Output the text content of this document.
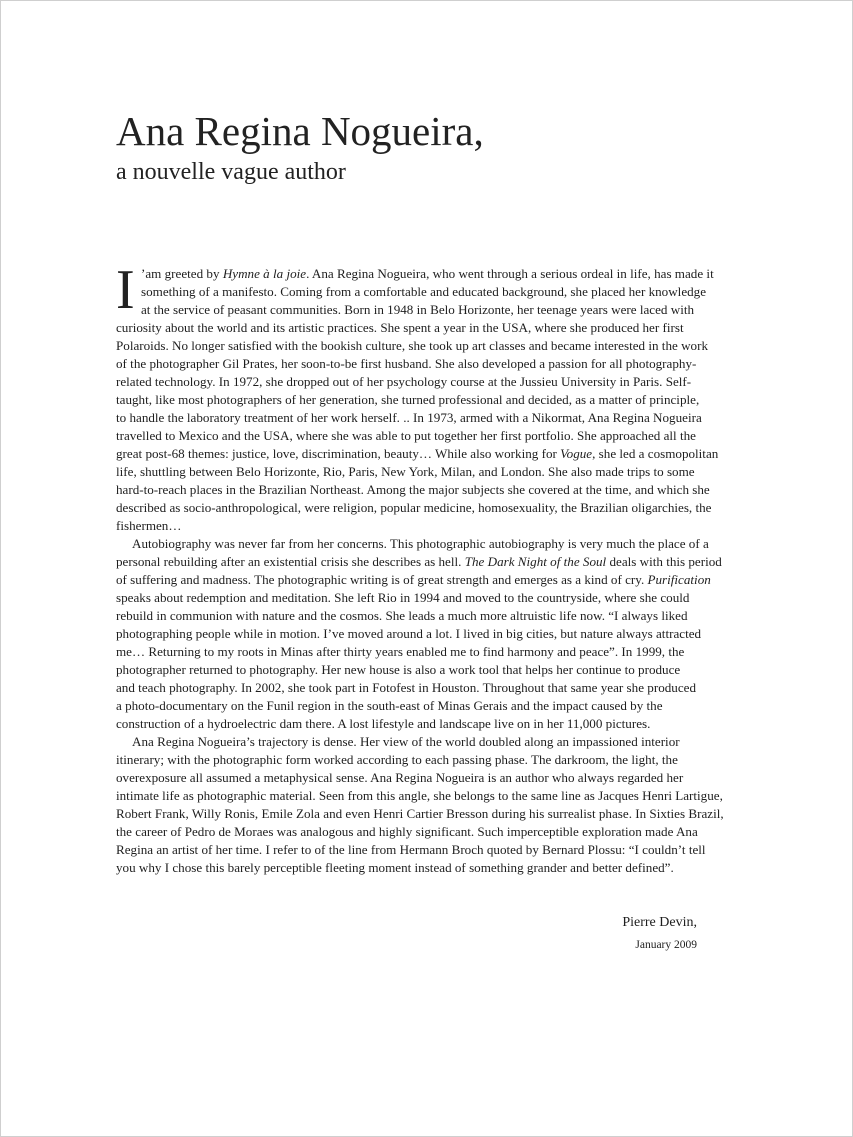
Ana Regina Nogueira,
a nouvelle vague author
I ’am greeted by Hymne à la joie. Ana Regina Nogueira, who went through a serious ordeal in life, has made it
something of a manifesto. Coming from a comfortable and educated background, she placed her knowledge
at the service of peasant communities. Born in 1948 in Belo Horizonte, her teenage years were laced with
curiosity about the world and its artistic practices. She spent a year in the USA, where she produced her first
Polaroids. No longer satisfied with the bookish culture, she took up art classes and became interested in the work
of the photographer Gil Prates, her soon-to-be first husband. She also developed a passion for all photography-
related technology. In 1972, she dropped out of her psychology course at the Jussieu University in Paris. Self-
taught, like most photographers of her generation, she turned professional and decided, as a matter of principle,
to handle the laboratory treatment of her work herself. .. In 1973, armed with a Nikormat, Ana Regina Nogueira
travelled to Mexico and the USA, where she was able to put together her first portfolio. She approached all the
great post-68 themes: justice, love, discrimination, beauty… While also working for Vogue, she led a cosmopolitan
life, shuttling between Belo Horizonte, Rio, Paris, New York, Milan, and London. She also made trips to some
hard-to-reach places in the Brazilian Northeast. Among the major subjects she covered at the time, and which she
described as socio-anthropological, were religion, popular medicine, homosexuality, the Brazilian oligarchies, the
fishermen…
Autobiography was never far from her concerns. This photographic autobiography is very much the place of a
personal rebuilding after an existential crisis she describes as hell. The Dark Night of the Soul deals with this period
of suffering and madness. The photographic writing is of great strength and emerges as a kind of cry. Purification
speaks about redemption and meditation. She left Rio in 1994 and moved to the countryside, where she could
rebuild in communion with nature and the cosmos. She leads a much more altruistic life now. “I always liked
photographing people while in motion. I’ve moved around a lot. I lived in big cities, but nature always attracted
me… Returning to my roots in Minas after thirty years enabled me to find harmony and peace”. In 1999, the
photographer returned to photography. Her new house is also a work tool that helps her continue to produce
and teach photography. In 2002, she took part in Fotofest in Houston. Throughout that same year she produced
a photo-documentary on the Funil region in the south-east of Minas Gerais and the impact caused by the
construction of a hydroelectric dam there. A lost lifestyle and landscape live on in her 11,000 pictures.
Ana Regina Nogueira’s trajectory is dense. Her view of the world doubled along an impassioned interior
itinerary; with the photographic form worked according to each passing phase. The darkroom, the light, the
overexposure all assumed a metaphysical sense. Ana Regina Nogueira is an author who always regarded her
intimate life as photographic material. Seen from this angle, she belongs to the same line as Jacques Henri Lartigue,
Robert Frank, Willy Ronis, Emile Zola and even Henri Cartier Bresson during his surrealist phase. In Sixties Brazil,
the career of Pedro de Moraes was analogous and highly significant. Such imperceptible exploration made Ana
Regina an artist of her time. I refer to of the line from Hermann Broch quoted by Bernard Plossu: “I couldn’t tell
you why I chose this barely perceptible fleeting moment instead of something grander and better defined”.
Pierre Devin,
January 2009
